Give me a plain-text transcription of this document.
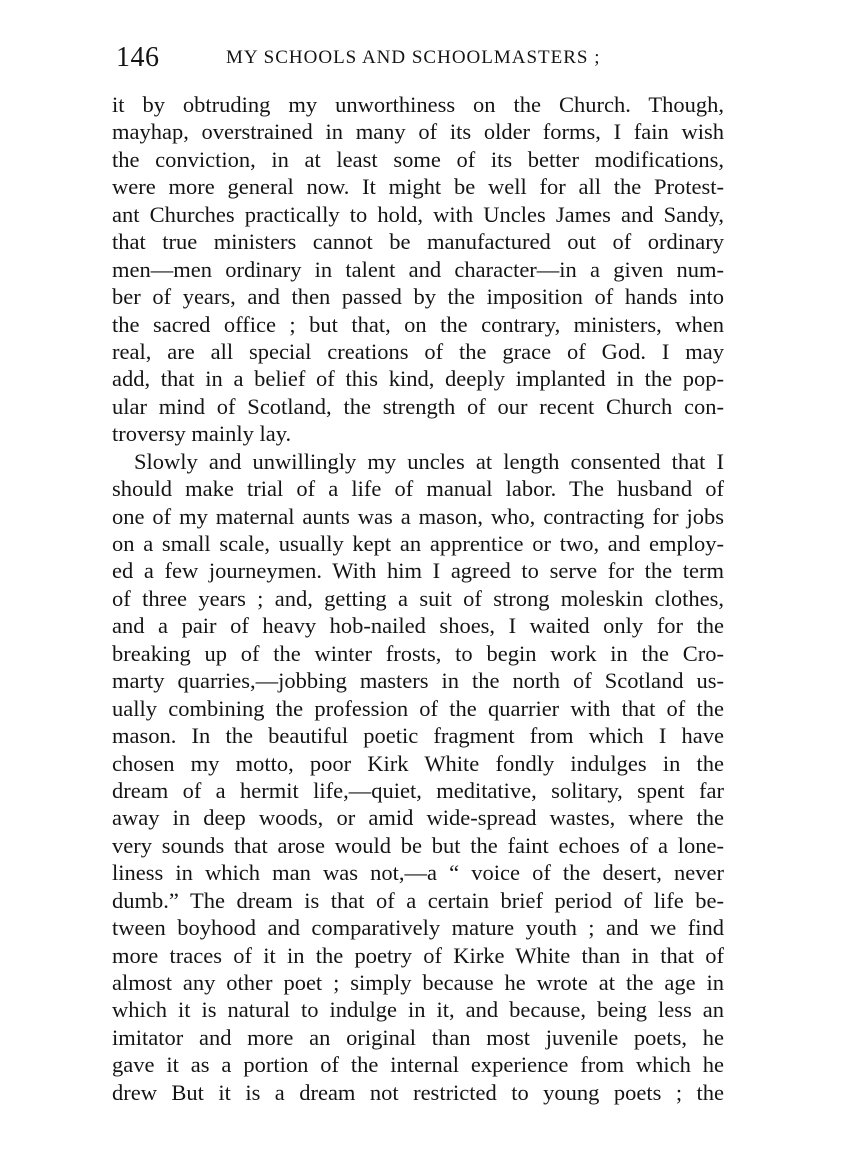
146	MY SCHOOLS AND SCHOOLMASTERS ;
it by obtruding my unworthiness on the Church. Though,
mayhap, overstrained in many of its older forms, I fain wish
the conviction, in at least some of its better modifications,
were more general now. It might be well for all the Protest-
ant Churches practically to hold, with Uncles James and Sandy,
that true ministers cannot be manufactured out of ordinary
men—men ordinary in talent and character—in a given num-
ber of years, and then passed by the imposition of hands into
the sacred office ; but that, on the contrary, ministers, when
real, are all special creations of the grace of God. I may
add, that in a belief of this kind, deeply implanted in the pop-
ular mind of Scotland, the strength of our recent Church con-
troversy mainly lay.
Slowly and unwillingly my uncles at length consented that I
should make trial of a life of manual labor. The husband of
one of my maternal aunts was a mason, who, contracting for jobs
on a small scale, usually kept an apprentice or two, and employ-
ed a few journeymen. With him I agreed to serve for the term
of three years ; and, getting a suit of strong moleskin clothes,
and a pair of heavy hob-nailed shoes, I waited only for the
breaking up of the winter frosts, to begin work in the Cro-
marty quarries,—jobbing masters in the north of Scotland us-
ually combining the profession of the quarrier with that of the
mason. In the beautiful poetic fragment from which I have
chosen my motto, poor Kirk White fondly indulges in the
dream of a hermit life,—quiet, meditative, solitary, spent far
away in deep woods, or amid wide-spread wastes, where the
very sounds that arose would be but the faint echoes of a lone-
liness in which man was not,—a “ voice of the desert, never
dumb.” The dream is that of a certain brief period of life be-
tween boyhood and comparatively mature youth ; and we find
more traces of it in the poetry of Kirke White than in that of
almost any other poet ; simply because he wrote at the age in
which it is natural to indulge in it, and because, being less an
imitator and more an original than most juvenile poets, he
gave it as a portion of the internal experience from which he
drew But it is a dream not restricted to young poets ; the
